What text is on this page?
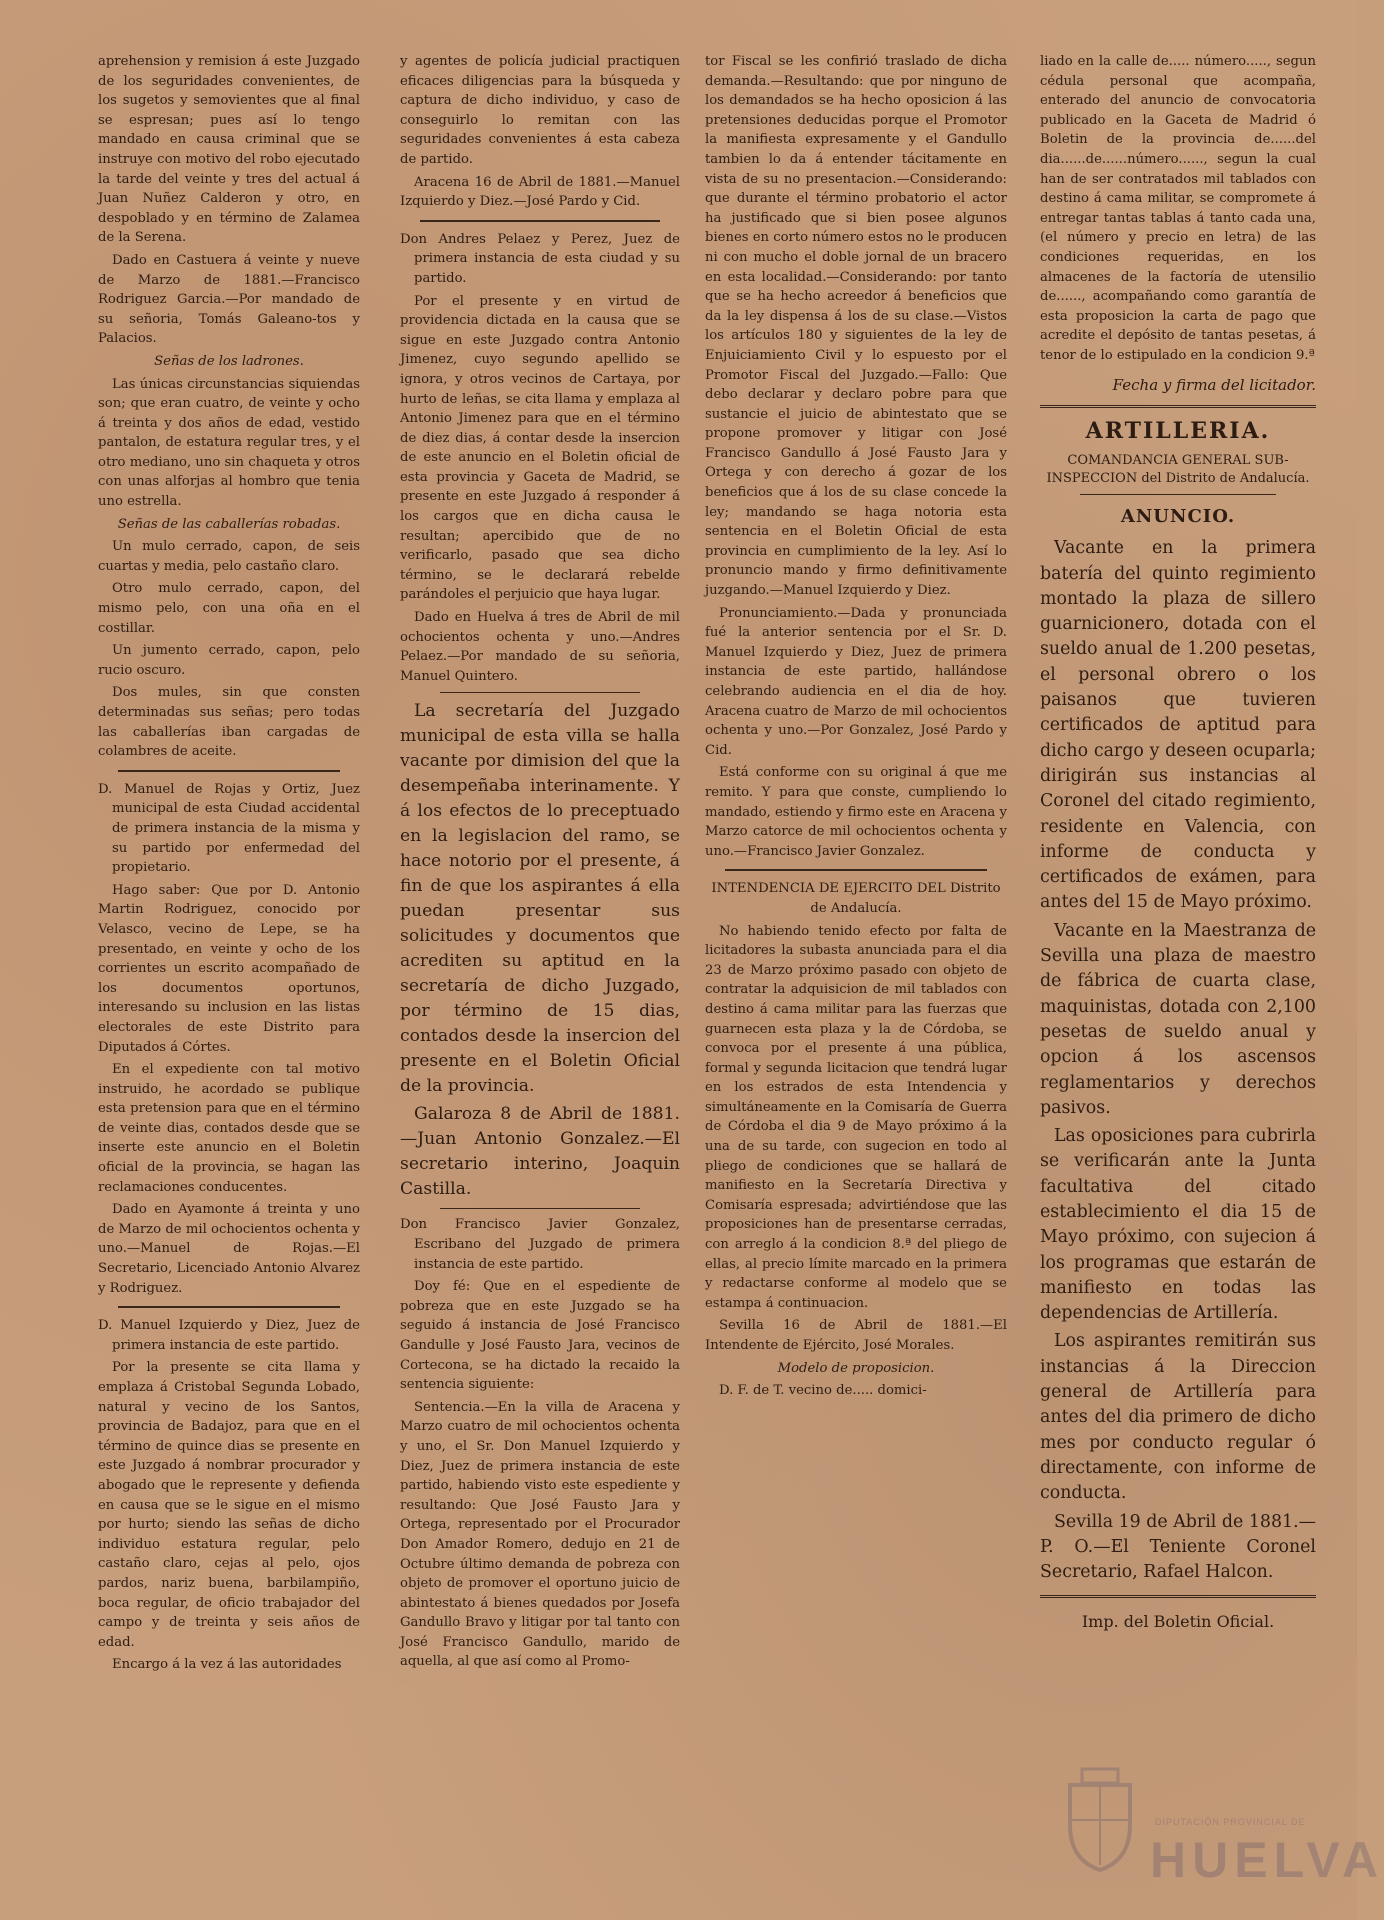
aprehension y remision á este Juzgado de los seguridades convenientes, de los sugetos y semovientes que al final se espresan; pues así lo tengo mandado en causa criminal que se instruye con motivo del robo ejecutado la tarde del veinte y tres del actual á Juan Nuñez Calderon y otro, en despoblado y en término de Zalamea de la Serena.

Dado en Castuera á veinte y nueve de Marzo de 1881.—Francisco Rodriguez Garcia.—Por mandado de su señoria, Tomás Galeano-tos y Palacios.

Señas de los ladrones.

Las únicas circunstancias siquiendas son; que eran cuatro, de veinte y ocho á treinta y dos años de edad, vestido pantalon, de estatura regular tres, y el otro mediano, uno sin chaqueta y otros con unas alforjas al hombro que tenia uno estrella.

Señas de las caballerías robadas.

Un mulo cerrado, capon, de seis cuartas y media, pelo castaño claro.

Otro mulo cerrado, capon, del mismo pelo, con una oña en el costillar.

Un jumento cerrado, capon, pelo rucio oscuro.

Dos mules, sin que consten determinadas sus señas; pero todas las caballerías iban cargadas de colambres de aceite.

D. Manuel de Rojas y Ortiz, Juez municipal de esta Ciudad accidental de primera instancia de la misma y su partido por enfermedad del propietario.

Hago saber: Que por D. Antonio Martin Rodriguez, conocido por Velasco, vecino de Lepe, se ha presentado, en veinte y ocho de los corrientes un escrito acompañado de los documentos oportunos, interesando su inclusion en las listas electorales de este Distrito para Diputados á Córtes.

En el expediente con tal motivo instruido, he acordado se publique esta pretension para que en el término de veinte dias, contados desde que se inserte este anuncio en el Boletin oficial de la provincia, se hagan las reclamaciones conducentes.

Dado en Ayamonte á treinta y uno de Marzo de mil ochocientos ochenta y uno.—Manuel de Rojas.—El Secretario, Licenciado Antonio Alvarez y Rodriguez.

D. Manuel Izquierdo y Diez, Juez de primera instancia de este partido.

Por la presente se cita llama y emplaza á Cristobal Segunda Lobado, natural y vecino de los Santos, provincia de Badajoz, para que en el término de quince dias se presente en este Juzgado á nombrar procurador y abogado que le represente y defienda en causa que se le sigue en el mismo por hurto; siendo las señas de dicho individuo estatura regular, pelo castaño claro, cejas al pelo, ojos pardos, nariz buena, barbilampiño, boca regular, de oficio trabajador del campo y de treinta y seis años de edad.

Encargo á la vez á las autoridades

y agentes de policía judicial practiquen eficaces diligencias para la búsqueda y captura de dicho individuo, y caso de conseguirlo lo remitan con las seguridades convenientes á esta cabeza de partido.

Aracena 16 de Abril de 1881.—Manuel Izquierdo y Diez.—José Pardo y Cid.

Don Andres Pelaez y Perez, Juez de primera instancia de esta ciudad y su partido.

Por el presente y en virtud de providencia dictada en la causa que se sigue en este Juzgado contra Antonio Jimenez, cuyo segundo apellido se ignora, y otros vecinos de Cartaya, por hurto de leñas, se cita llama y emplaza al Antonio Jimenez para que en el término de diez dias, á contar desde la insercion de este anuncio en el Boletin oficial de esta provincia y Gaceta de Madrid, se presente en este Juzgado á responder á los cargos que en dicha causa le resultan; apercibido que de no verificarlo, pasado que sea dicho término, se le declarará rebelde parándoles el perjuicio que haya lugar.

Dado en Huelva á tres de Abril de mil ochocientos ochenta y uno.—Andres Pelaez.—Por mandado de su señoria, Manuel Quintero.

La secretaría del Juzgado municipal de esta villa se halla vacante por dimision del que la desempeñaba interinamente. Y á los efectos de lo preceptuado en la legislacion del ramo, se hace notorio por el presente, á fin de que los aspirantes á ella puedan presentar sus solicitudes y documentos que acrediten su aptitud en la secretaría de dicho Juzgado, por término de 15 dias, contados desde la insercion del presente en el Boletin Oficial de la provincia.

Galaroza 8 de Abril de 1881.—Juan Antonio Gonzalez.—El secretario interino, Joaquin Castilla.

Don Francisco Javier Gonzalez, Escribano del Juzgado de primera instancia de este partido.

Doy fé: Que en el espediente de pobreza que en este Juzgado se ha seguido á instancia de José Francisco Gandulle y José Fausto Jara, vecinos de Cortecona, se ha dictado la recaido la sentencia siguiente:

Sentencia.—En la villa de Aracena y Marzo cuatro de mil ochocientos ochenta y uno, el Sr. Don Manuel Izquierdo y Diez, Juez de primera instancia de este partido, habiendo visto este espediente y resultando: Que José Fausto Jara y Ortega, representado por el Procurador Don Amador Romero, dedujo en 21 de Octubre último demanda de pobreza con objeto de promover el oportuno juicio de abintestato á bienes quedados por Josefa Gandullo Bravo y litigar por tal tanto con José Francisco Gandullo, marido de aquella, al que así como al Promo-

tor Fiscal se les confirió traslado de dicha demanda.—Resultando: que por ninguno de los demandados se ha hecho oposicion á las pretensiones deducidas porque el Promotor la manifiesta expresamente y el Gandullo tambien lo da á entender tácitamente en vista de su no presentacion.—Considerando: que durante el término probatorio el actor ha justificado que si bien posee algunos bienes en corto número estos no le producen ni con mucho el doble jornal de un bracero en esta localidad.—Considerando: por tanto que se ha hecho acreedor á beneficios que da la ley dispensa á los de su clase.—Vistos los artículos 180 y siguientes de la ley de Enjuiciamiento Civil y lo espuesto por el Promotor Fiscal del Juzgado.—Fallo: Que debo declarar y declaro pobre para que sustancie el juicio de abintestato que se propone promover y litigar con José Francisco Gandullo á José Fausto Jara y Ortega y con derecho á gozar de los beneficios que á los de su clase concede la ley; mandando se haga notoria esta sentencia en el Boletin Oficial de esta provincia en cumplimiento de la ley. Así lo pronuncio mando y firmo definitivamente juzgando.—Manuel Izquierdo y Diez.

Pronunciamiento.—Dada y pronunciada fué la anterior sentencia por el Sr. D. Manuel Izquierdo y Diez, Juez de primera instancia de este partido, hallándose celebrando audiencia en el dia de hoy. Aracena cuatro de Marzo de mil ochocientos ochenta y uno.—Por Gonzalez, José Pardo y Cid.

Está conforme con su original á que me remito. Y para que conste, cumpliendo lo mandado, estiendo y firmo este en Aracena y Marzo catorce de mil ochocientos ochenta y uno.—Francisco Javier Gonzalez.

INTENDENCIA DE EJERCITO DEL Distrito de Andalucía.

No habiendo tenido efecto por falta de licitadores la subasta anunciada para el dia 23 de Marzo próximo pasado con objeto de contratar la adquisicion de mil tablados con destino á cama militar para las fuerzas que guarnecen esta plaza y la de Córdoba, se convoca por el presente á una pública, formal y segunda licitacion que tendrá lugar en los estrados de esta Intendencia y simultáneamente en la Comisaría de Guerra de Córdoba el dia 9 de Mayo próximo á la una de su tarde, con sugecion en todo al pliego de condiciones que se hallará de manifiesto en la Secretaría Directiva y Comisaría espresada; advirtiéndose que las proposiciones han de presentarse cerradas, con arreglo á la condicion 8.ª del pliego de ellas, al precio límite marcado en la primera y redactarse conforme al modelo que se estampa á continuacion.

Sevilla 16 de Abril de 1881.—El Intendente de Ejército, José Morales.

Modelo de proposicion.

D. F. de T. vecino de..... domici-

liado en la calle de..... número....., segun cédula personal que acompaña, enterado del anuncio de convocatoria publicado en la Gaceta de Madrid ó Boletin de la provincia de......del dia......de......número......, segun la cual han de ser contratados mil tablados con destino á cama militar, se compromete á entregar tantas tablas á tanto cada una, (el número y precio en letra) de las condiciones requeridas, en los almacenes de la factoría de utensilio de......, acompañando como garantía de esta proposicion la carta de pago que acredite el depósito de tantas pesetas, á tenor de lo estipulado en la condicion 9.ª

Fecha y firma del licitador.

ARTILLERIA.

COMANDANCIA GENERAL SUB-INSPECCION del Distrito de Andalucía.

ANUNCIO.

Vacante en la primera batería del quinto regimiento montado la plaza de sillero guarnicionero, dotada con el sueldo anual de 1.200 pesetas, el personal obrero o los paisanos que tuvieren certificados de aptitud para dicho cargo y deseen ocuparla; dirigirán sus instancias al Coronel del citado regimiento, residente en Valencia, con informe de conducta y certificados de exámen, para antes del 15 de Mayo próximo.

Vacante en la Maestranza de Sevilla una plaza de maestro de fábrica de cuarta clase, maquinistas, dotada con 2,100 pesetas de sueldo anual y opcion á los ascensos reglamentarios y derechos pasivos.

Las oposiciones para cubrirla se verificarán ante la Junta facultativa del citado establecimiento el dia 15 de Mayo próximo, con sujecion á los programas que estarán de manifiesto en todas las dependencias de Artillería.

Los aspirantes remitirán sus instancias á la Direccion general de Artillería para antes del dia primero de dicho mes por conducto regular ó directamente, con informe de conducta.

Sevilla 19 de Abril de 1881.—P. O.—El Teniente Coronel Secretario, Rafael Halcon.

Imp. del Boletin Oficial.

DIPUTACIÓN PROVINCIAL DE
HUELVA
